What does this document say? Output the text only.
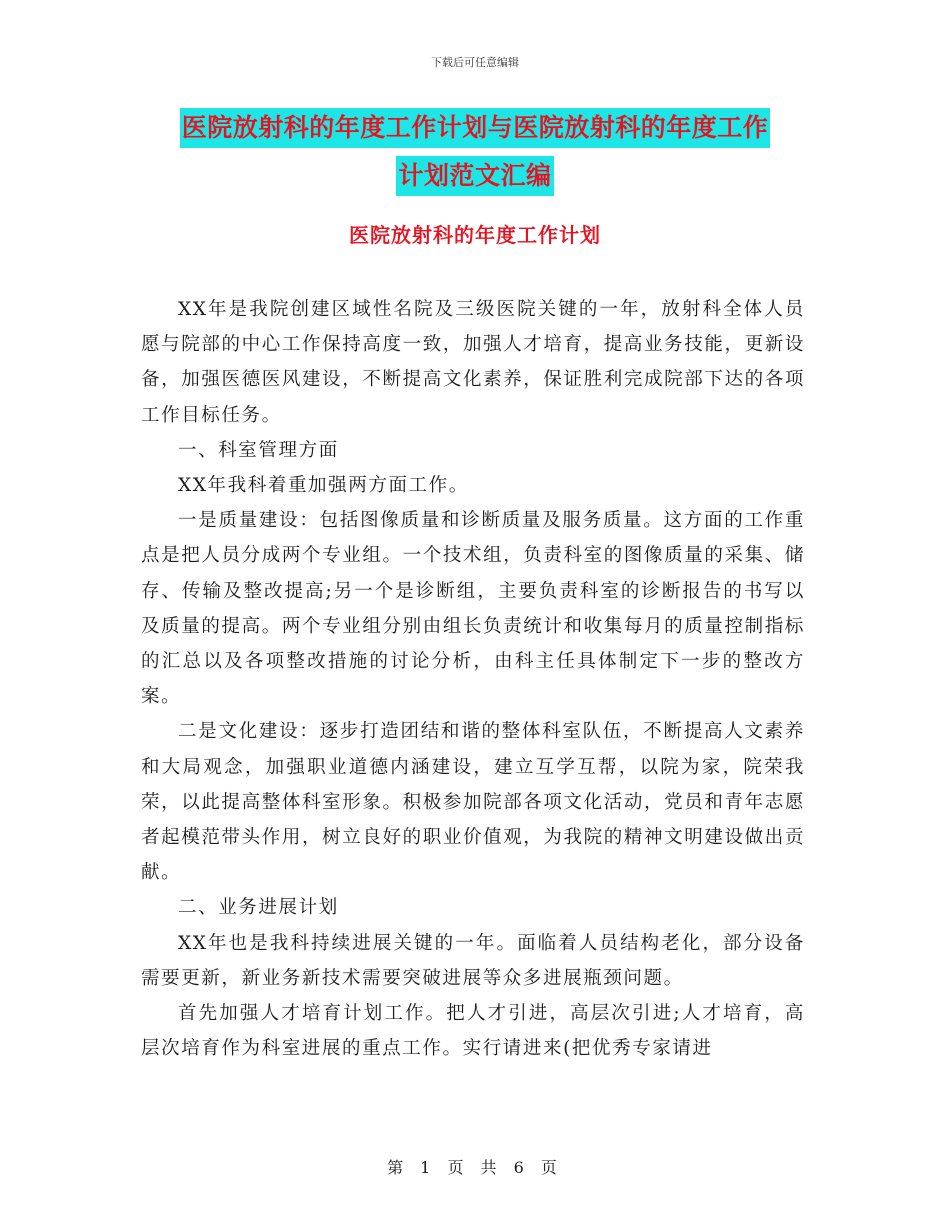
下载后可任意编辑
医院放射科的年度工作计划与医院放射科的年度工作
计划范文汇编
医院放射科的年度工作计划

XX年是我院创建区域性名院及三级医院关键的一年，放射科全体人员愿与院部的中心工作保持高度一致，加强人才培育，提高业务技能，更新设备，加强医德医风建设，不断提高文化素养，保证胜利完成院部下达的各项工作目标任务。

一、科室管理方面

XX年我科着重加强两方面工作。

一是质量建设：包括图像质量和诊断质量及服务质量。这方面的工作重点是把人员分成两个专业组。一个技术组，负责科室的图像质量的采集、储存、传输及整改提高;另一个是诊断组，主要负责科室的诊断报告的书写以及质量的提高。两个专业组分别由组长负责统计和收集每月的质量控制指标的汇总以及各项整改措施的讨论分析，由科主任具体制定下一步的整改方案。

二是文化建设：逐步打造团结和谐的整体科室队伍，不断提高人文素养和大局观念，加强职业道德内涵建设，建立互学互帮，以院为家，院荣我荣，以此提高整体科室形象。积极参加院部各项文化活动，党员和青年志愿者起模范带头作用，树立良好的职业价值观，为我院的精神文明建设做出贡献。

二、业务进展计划

XX年也是我科持续进展关键的一年。面临着人员结构老化，部分设备需要更新，新业务新技术需要突破进展等众多进展瓶颈问题。

首先加强人才培育计划工作。把人才引进，高层次引进;人才培育，高层次培育作为科室进展的重点工作。实行请进来(把优秀专家请进

第 1 页 共 6 页
